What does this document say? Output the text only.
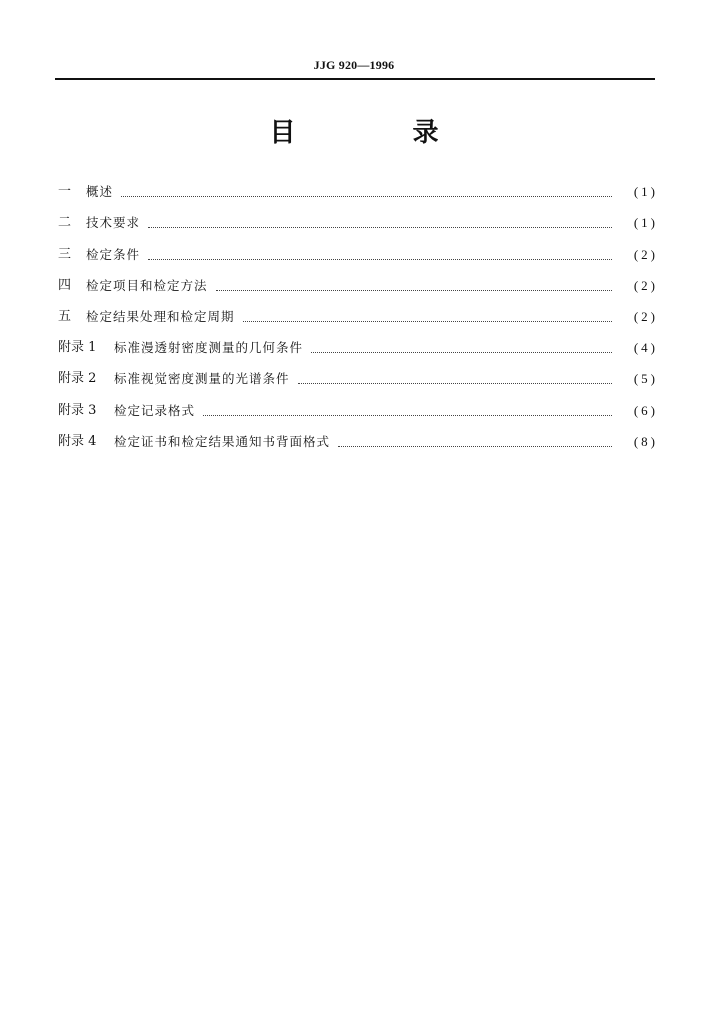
JJG 920—1996
目 录
一	概述	(1)
二	技术要求	(1)
三	检定条件	(2)
四	检定项目和检定方法	(2)
五	检定结果处理和检定周期	(2)
附录 1	标准漫透射密度测量的几何条件	(4)
附录 2	标准视觉密度测量的光谱条件	(5)
附录 3	检定记录格式	(6)
附录 4	检定证书和检定结果通知书背面格式	(8)
